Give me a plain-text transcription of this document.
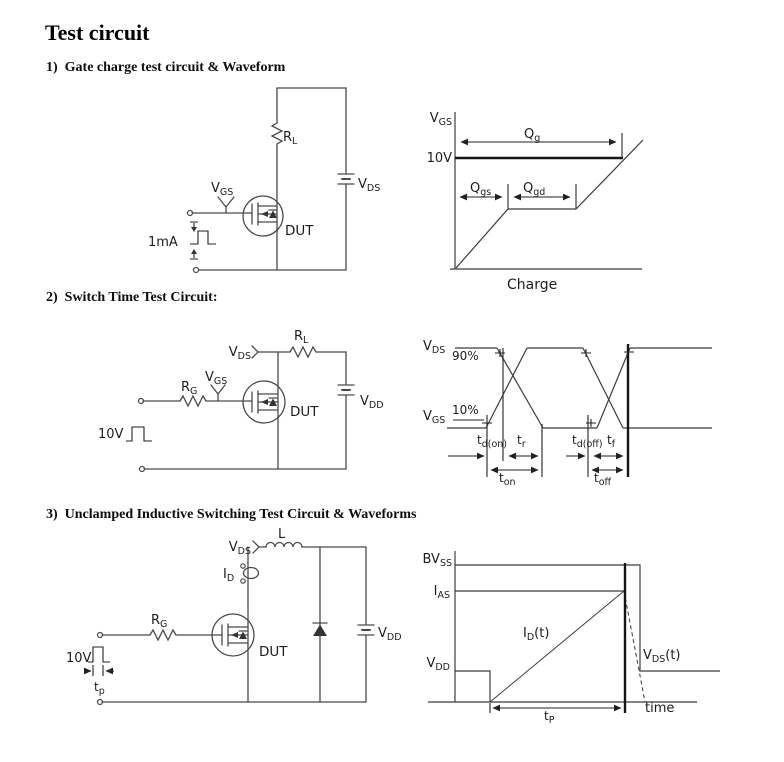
Test circuit
1)  Gate charge test circuit & Waveform
2)  Switch Time Test Circuit:
3)  Unclamped Inductive Switching Test Circuit & Waveforms
$R_L$
$V_{DS}$
$V_{GS}$
DUT
1mA
$V_{GS}$
10V
$Q_g$
$Q_{gs}$ $Q_{gd}$
Charge
$V_{DS}$
$R_L$
$V_{GS}$
$R_G$
DUT
$V_{DD}$
10V
$V_{DS}$
$V_{GS}$
90%
10%
$t_{d(on)}$ $t_r$	$t_{d(off)}$ $t_f$
$t_{on}$	$t_{off}$
$V_{DS}$
L
$I_D$
$R_G$
DUT
$V_{DD}$
10V
$t_p$
$BV_{SS}$
$I_{AS}$
$V_{DD}$
$I_D(t)$
$V_{DS}(t)$
time
$t_P$
